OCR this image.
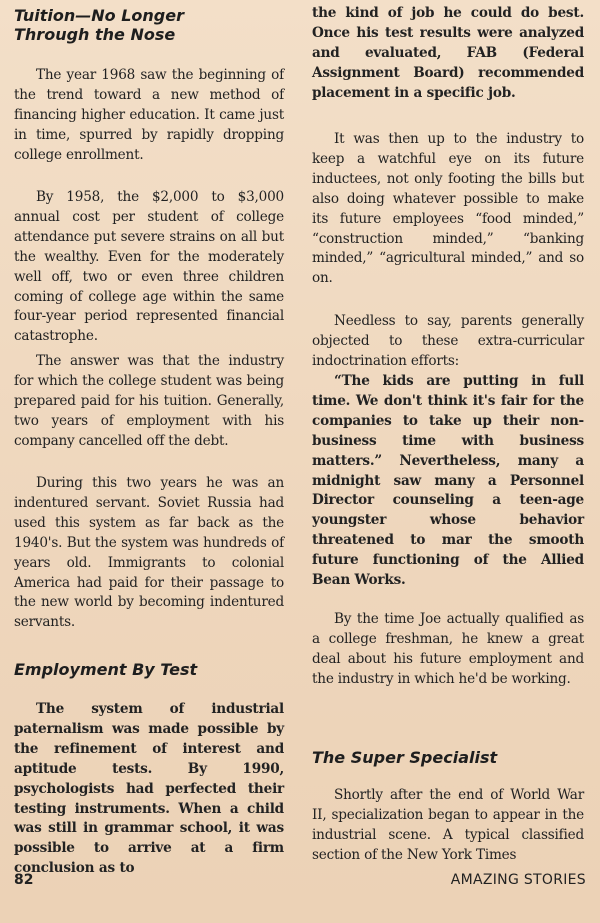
Tuition—No Longer Through the Nose

The year 1968 saw the beginning of the trend toward a new method of financing higher education. It came just in time, spurred by rapidly dropping college enrollment.

By 1958, the $2,000 to $3,000 annual cost per student of college attendance put severe strains on all but the wealthy. Even for the moderately well off, two or even three children coming of college age within the same four-year period represented financial catastrophe.

The answer was that the industry for which the college student was being prepared paid for his tuition. Generally, two years of employment with his company cancelled off the debt.

During this two years he was an indentured servant. Soviet Russia had used this system as far back as the 1940's. But the system was hundreds of years old. Immigrants to colonial America had paid for their passage to the new world by becoming indentured servants.

Employment By Test

The system of industrial paternalism was made possible by the refinement of interest and aptitude tests. By 1990, psychologists had perfected their testing instruments. When a child was still in grammar school, it was possible to arrive at a firm conclusion as to

the kind of job he could do best. Once his test results were analyzed and evaluated, FAB (Federal Assignment Board) recommended placement in a specific job.

It was then up to the industry to keep a watchful eye on its future inductees, not only footing the bills but also doing whatever possible to make its future employees “food minded,” “construction minded,” “banking minded,” “agricultural minded,” and so on.

Needless to say, parents generally objected to these extra-curricular indoctrination efforts:

“The kids are putting in full time. We don't think it's fair for the companies to take up their non-business time with business matters.” Nevertheless, many a midnight saw many a Personnel Director counseling a teen-age youngster whose behavior threatened to mar the smooth future functioning of the Allied Bean Works.

By the time Joe actually qualified as a college freshman, he knew a great deal about his future employment and the industry in which he'd be working.

The Super Specialist

Shortly after the end of World War II, specialization began to appear in the industrial scene. A typical classified section of the New York Times

82	AMAZING STORIES
